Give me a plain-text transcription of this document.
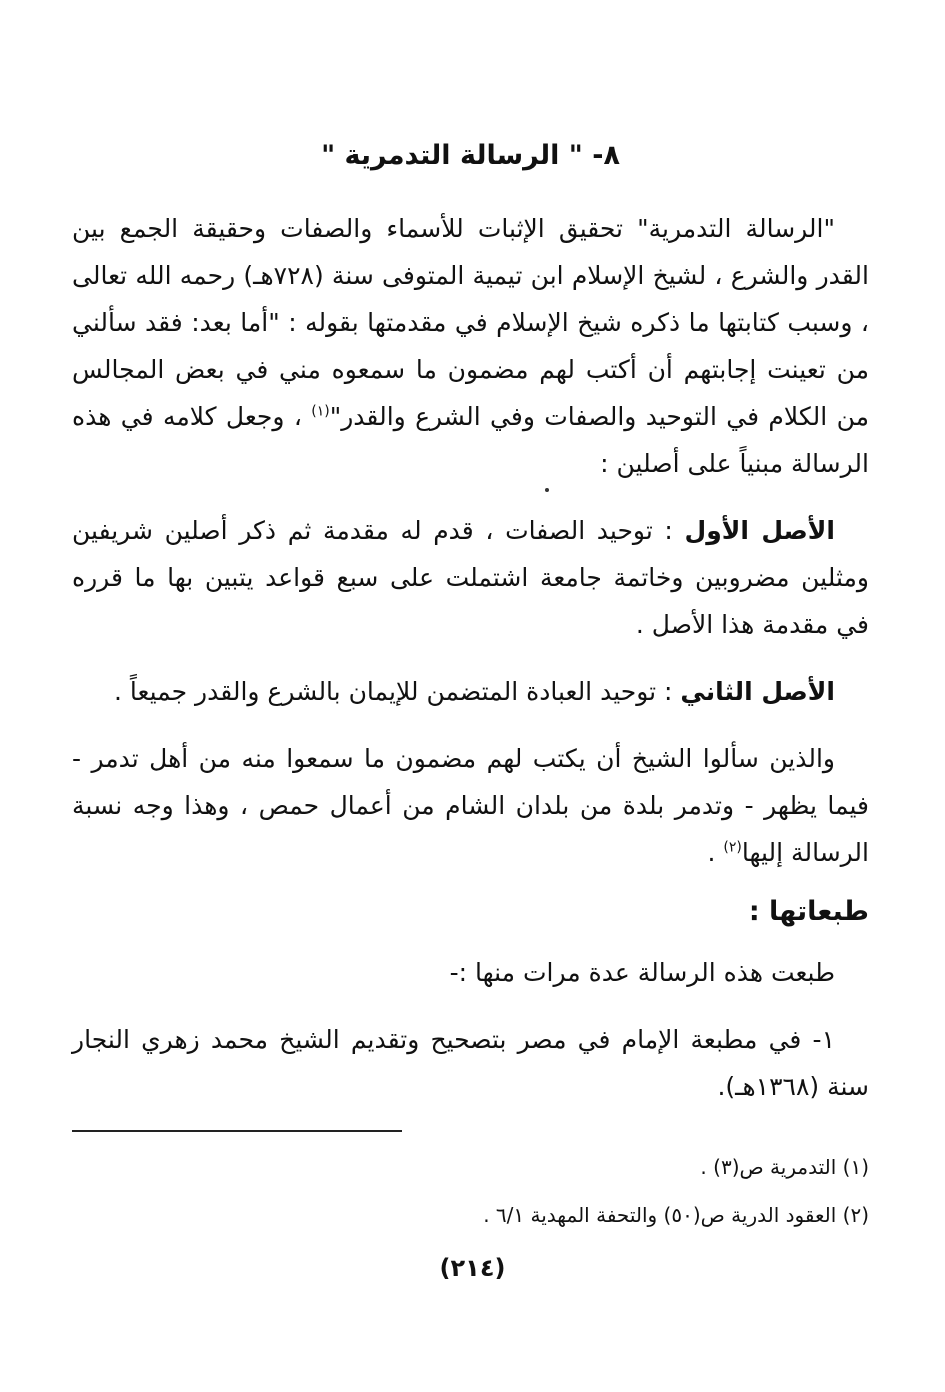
٨- " الرسالة التدمرية "

"الرسالة التدمرية" تحقيق الإثبات للأسماء والصفات وحقيقة الجمع بين القدر والشرع ، لشيخ الإسلام ابن تيمية المتوفى سنة (٧٢٨هـ) رحمه الله تعالى ، وسبب كتابتها ما ذكره شيخ الإسلام في مقدمتها بقوله : "أما بعد: فقد سألني من تعينت إجابتهم أن أكتب لهم مضمون ما سمعوه مني في بعض المجالس من الكلام في التوحيد والصفات وفي الشرع والقدر"$^{(١)}$ ، وجعل كلامه في هذه الرسالة مبنياً على أصلين :

الأصل الأول : توحيد الصفات ، قدم له مقدمة ثم ذكر أصلين شريفين ومثلين مضروبين وخاتمة جامعة اشتملت على سبع قواعد يتبين بها ما قرره في مقدمة هذا الأصل .

الأصل الثاني : توحيد العبادة المتضمن للإيمان بالشرع والقدر جميعاً .

والذين سألوا الشيخ أن يكتب لهم مضمون ما سمعوا منه من أهل تدمر - فيما يظهر - وتدمر بلدة من بلدان الشام من أعمال حمص ، وهذا وجه نسبة الرسالة إليها$^{(٢)}$ .

طبعاتها :

طبعت هذه الرسالة عدة مرات منها :-

١- في مطبعة الإمام في مصر بتصحيح وتقديم الشيخ محمد زهري النجار سنة (١٣٦٨هـ).

(١) التدمرية ص(٣) .
(٢) العقود الدرية ص(٥٠) والتحفة المهدية ٦/١ .
(٢١٤)
